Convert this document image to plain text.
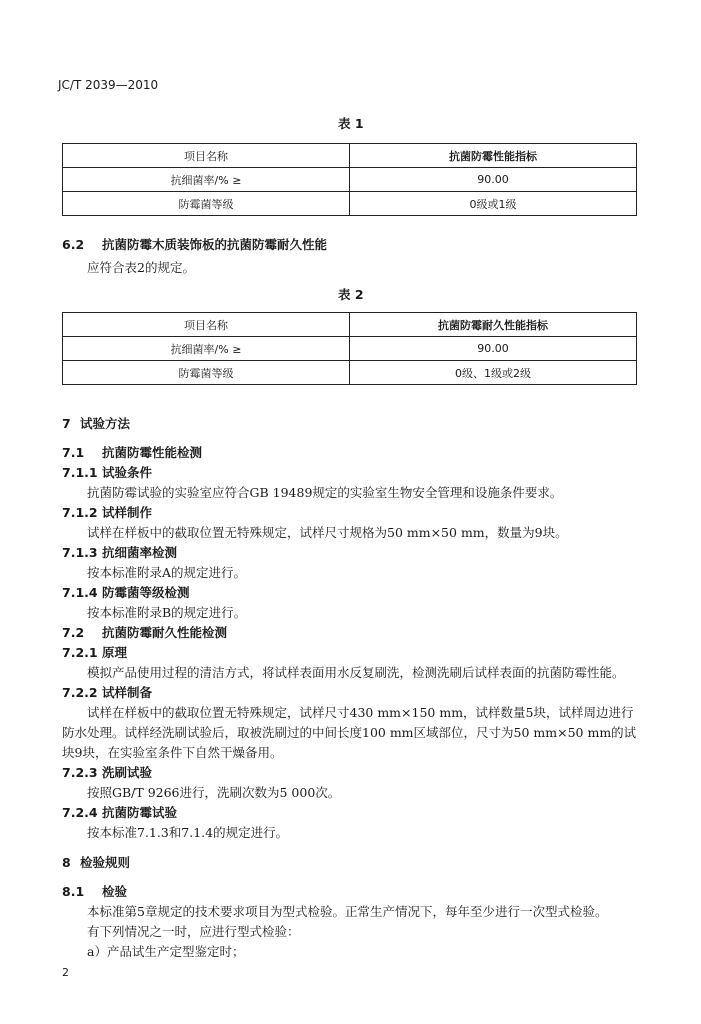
JC/T 2039—2010
表 1
项目名称	抗菌防霉性能指标
抗细菌率/% ≥	90.00
防霉菌等级	0级或1级
6.2 抗菌防霉木质装饰板的抗菌防霉耐久性能
应符合表2的规定。
表 2
项目名称	抗菌防霉耐久性能指标
抗细菌率/% ≥	90.00
防霉菌等级	0级、1级或2级
7 试验方法
7.1 抗菌防霉性能检测
7.1.1 试验条件
抗菌防霉试验的实验室应符合GB 19489规定的实验室生物安全管理和设施条件要求。
7.1.2 试样制作
试样在样板中的截取位置无特殊规定，试样尺寸规格为50 mm×50 mm，数量为9块。
7.1.3 抗细菌率检测
按本标准附录A的规定进行。
7.1.4 防霉菌等级检测
按本标准附录B的规定进行。
7.2 抗菌防霉耐久性能检测
7.2.1 原理
模拟产品使用过程的清洁方式，将试样表面用水反复刷洗，检测洗刷后试样表面的抗菌防霉性能。
7.2.2 试样制备
试样在样板中的截取位置无特殊规定，试样尺寸430 mm×150 mm，试样数量5块，试样周边进行
防水处理。试样经洗刷试验后，取被洗刷过的中间长度100 mm区域部位，尺寸为50 mm×50 mm的试
块9块，在实验室条件下自然干燥备用。
7.2.3 洗刷试验
按照GB/T 9266进行，洗刷次数为5 000次。
7.2.4 抗菌防霉试验
按本标准7.1.3和7.1.4的规定进行。
8 检验规则
8.1 检验
本标准第5章规定的技术要求项目为型式检验。正常生产情况下，每年至少进行一次型式检验。
有下列情况之一时，应进行型式检验：
a）产品试生产定型鉴定时；
2
